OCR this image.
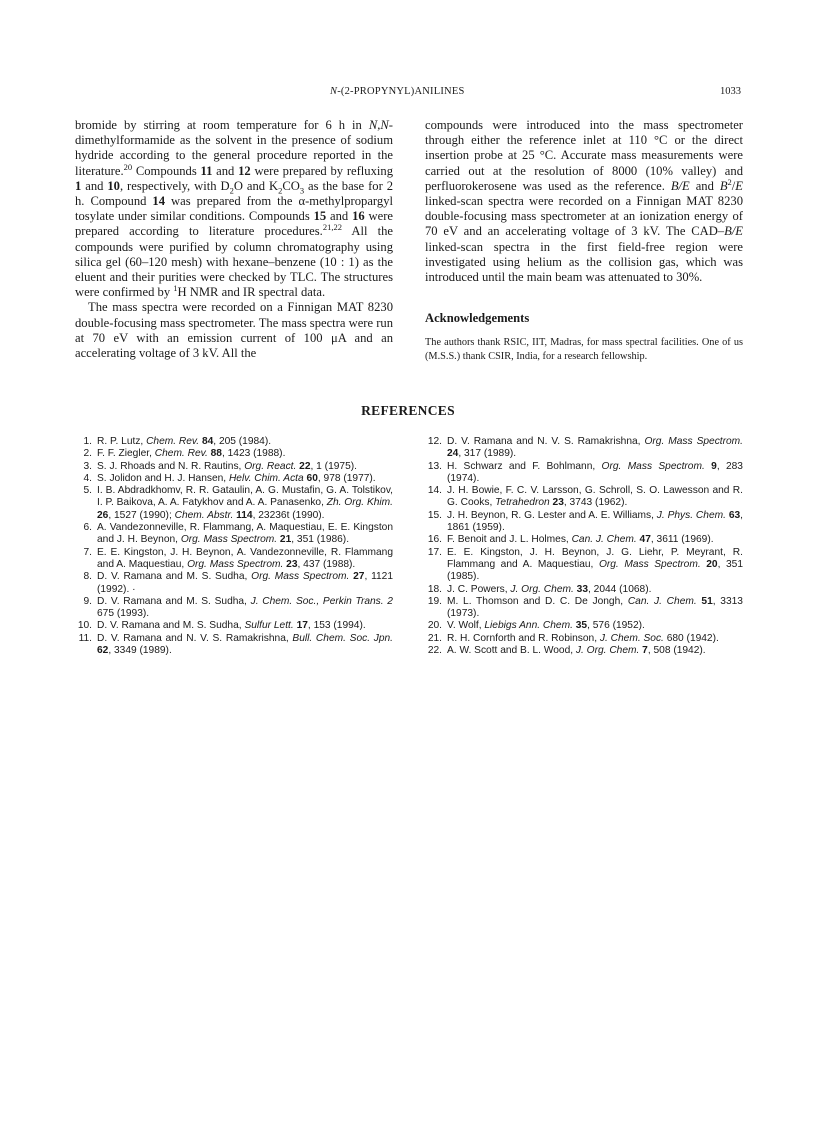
N-(2-PROPYNYL)ANILINES	1033

bromide by stirring at room temperature for 6 h in N,N-dimethylformamide as the solvent in the presence of sodium hydride according to the general procedure reported in the literature.$^{20}$ Compounds 11 and 12 were prepared by refluxing 1 and 10, respectively, with $D_2O$ and $K_2CO_3$ as the base for 2 h. Compound 14 was prepared from the α-methylpropargyl tosylate under similar conditions. Compounds 15 and 16 were prepared according to literature procedures.$^{21,22}$ All the compounds were purified by column chromatography using silica gel (60–120 mesh) with hexane–benzene (10 : 1) as the eluent and their purities were checked by TLC. The structures were confirmed by $^1$H NMR and IR spectral data.

The mass spectra were recorded on a Finnigan MAT 8230 double-focusing mass spectrometer. The mass spectra were run at 70 eV with an emission current of 100 μA and an accelerating voltage of 3 kV. All the

compounds were introduced into the mass spectrometer through either the reference inlet at 110 °C or the direct insertion probe at 25 °C. Accurate mass measurements were carried out at the resolution of 8000 (10% valley) and perfluorokerosene was used as the reference. B/E and $B^2/E$ linked-scan spectra were recorded on a Finnigan MAT 8230 double-focusing mass spectrometer at an ionization energy of 70 eV and an accelerating voltage of 3 kV. The CAD–B/E linked-scan spectra in the first field-free region were investigated using helium as the collision gas, which was introduced until the main beam was attenuated to 30%.

Acknowledgements
The authors thank RSIC, IIT, Madras, for mass spectral facilities. One of us (M.S.S.) thank CSIR, India, for a research fellowship.
REFERENCES
1. R. P. Lutz, Chem. Rev. 84, 205 (1984).
2. F. F. Ziegler, Chem. Rev. 88, 1423 (1988).
3. S. J. Rhoads and N. R. Rautins, Org. React. 22, 1 (1975).
4. S. Jolidon and H. J. Hansen, Helv. Chim. Acta 60, 978 (1977).
5. I. B. Abdradkhomv, R. R. Gataulin, A. G. Mustafin, G. A. Tolstikov, I. P. Baikova, A. A. Fatykhov and A. A. Panasenko, Zh. Org. Khim. 26, 1527 (1990); Chem. Abstr. 114, 23236t (1990).
6. A. Vandezonneville, R. Flammang, A. Maquestiau, E. E. Kingston and J. H. Beynon, Org. Mass Spectrom. 21, 351 (1986).
7. E. E. Kingston, J. H. Beynon, A. Vandezonneville, R. Flammang and A. Maquestiau, Org. Mass Spectrom. 23, 437 (1988).
8. D. V. Ramana and M. S. Sudha, Org. Mass Spectrom. 27, 1121 (1992). ·
9. D. V. Ramana and M. S. Sudha, J. Chem. Soc., Perkin Trans. 2 675 (1993).
10. D. V. Ramana and M. S. Sudha, Sulfur Lett. 17, 153 (1994).
11. D. V. Ramana and N. V. S. Ramakrishna, Bull. Chem. Soc. Jpn. 62, 3349 (1989).
12. D. V. Ramana and N. V. S. Ramakrishna, Org. Mass Spectrom. 24, 317 (1989).
13. H. Schwarz and F. Bohlmann, Org. Mass Spectrom. 9, 283 (1974).
14. J. H. Bowie, F. C. V. Larsson, G. Schroll, S. O. Lawesson and R. G. Cooks, Tetrahedron 23, 3743 (1962).
15. J. H. Beynon, R. G. Lester and A. E. Williams, J. Phys. Chem. 63, 1861 (1959).
16. F. Benoit and J. L. Holmes, Can. J. Chem. 47, 3611 (1969).
17. E. E. Kingston, J. H. Beynon, J. G. Liehr, P. Meyrant, R. Flammang and A. Maquestiau, Org. Mass Spectrom. 20, 351 (1985).
18. J. C. Powers, J. Org. Chem. 33, 2044 (1068).
19. M. L. Thomson and D. C. De Jongh, Can. J. Chem. 51, 3313 (1973).
20. V. Wolf, Liebigs Ann. Chem. 35, 576 (1952).
21. R. H. Cornforth and R. Robinson, J. Chem. Soc. 680 (1942).
22. A. W. Scott and B. L. Wood, J. Org. Chem. 7, 508 (1942).
